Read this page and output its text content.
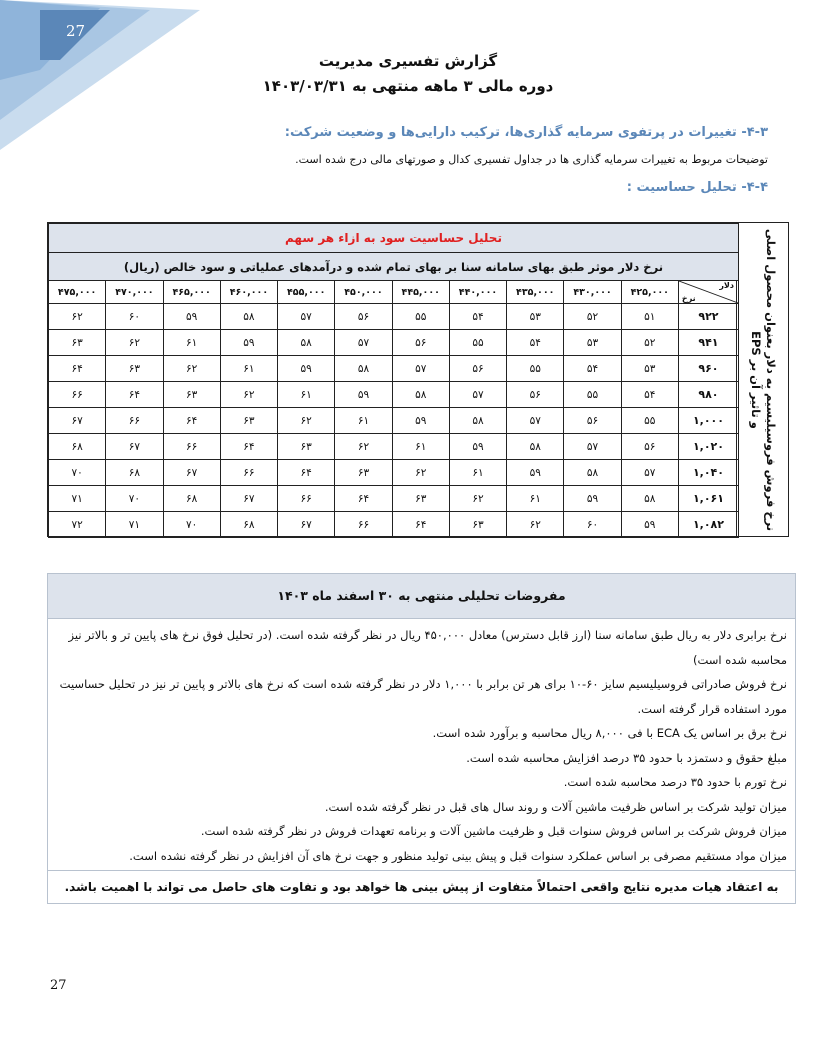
27
گزارش تفسیری مدیریت
دوره مالی ۳ ماهه منتهی به ۱۴۰۳/۰۳/۳۱
۴-۳- تغییرات در پرتفوی سرمایه گذاری‌ها، ترکیب دارایی‌ها و وضعیت شرکت:
توضیحات مربوط به تغییرات سرمایه گذاری ها در جداول تفسیری کدال و صورتهای مالی درج شده است.
۴-۴- تحلیل حساسیت :
نرخ فروش فروسیلیسیم به دلار بعنوان محصول اصلی و تاثیر آن بر EPS
تحلیل حساسیت سود به ازاء هر سهم											
نرخ دلار موثر طبق بهای سامانه سنا بر بهای تمام شده و درآمدهای عملیاتی و سود خالص (ریال)											
۴۷۵,۰۰۰	۴۷۰,۰۰۰	۴۶۵,۰۰۰	۴۶۰,۰۰۰	۴۵۵,۰۰۰	۴۵۰,۰۰۰	۴۴۵,۰۰۰	۴۴۰,۰۰۰	۴۳۵,۰۰۰	۴۳۰,۰۰۰	۴۲۵,۰۰۰	دلار
نرخ

۶۲	۶۰	۵۹	۵۸	۵۷	۵۶	۵۵	۵۴	۵۳	۵۲	۵۱	۹۲۲
۶۳	۶۲	۶۱	۵۹	۵۸	۵۷	۵۶	۵۵	۵۴	۵۳	۵۲	۹۴۱
۶۴	۶۳	۶۲	۶۱	۵۹	۵۸	۵۷	۵۶	۵۵	۵۴	۵۳	۹۶۰
۶۶	۶۴	۶۳	۶۲	۶۱	۵۹	۵۸	۵۷	۵۶	۵۵	۵۴	۹۸۰
۶۷	۶۶	۶۴	۶۳	۶۲	۶۱	۵۹	۵۸	۵۷	۵۶	۵۵	۱,۰۰۰
۶۸	۶۷	۶۶	۶۴	۶۳	۶۲	۶۱	۵۹	۵۸	۵۷	۵۶	۱,۰۲۰
۷۰	۶۸	۶۷	۶۶	۶۴	۶۳	۶۲	۶۱	۵۹	۵۸	۵۷	۱,۰۴۰
۷۱	۷۰	۶۸	۶۷	۶۶	۶۴	۶۳	۶۲	۶۱	۵۹	۵۸	۱,۰۶۱
۷۲	۷۱	۷۰	۶۸	۶۷	۶۶	۶۴	۶۳	۶۲	۶۰	۵۹	۱,۰۸۲
مفروضات تحلیلی منتهی به ۳۰ اسفند ماه ۱۴۰۳
نرخ برابری دلار به ریال طبق سامانه سنا (ارز قابل دسترس) معادل ۴۵۰,۰۰۰ ریال در نظر گرفته شده است. (در تحلیل فوق نرخ های پایین تر و بالاتر نیز محاسبه شده است)
نرخ فروش صادراتی فروسیلیسیم سایز ۶۰-۱۰ برای هر تن برابر با ۱,۰۰۰ دلار در نظر گرفته شده است که نرخ های بالاتر و پایین تر نیز در تحلیل حساسیت مورد استفاده قرار گرفته است.
نرخ برق بر اساس یک ECA با فی ۸,۰۰۰ ریال محاسبه و برآورد شده است.
مبلغ حقوق و دستمزد با حدود ۳۵ درصد افزایش محاسبه شده است.
نرخ تورم با حدود ۳۵ درصد محاسبه شده است.
میزان تولید شرکت بر اساس ظرفیت ماشین آلات و روند سال های قبل در نظر گرفته شده است.
میزان فروش شرکت بر اساس فروش سنوات قبل و ظرفیت ماشین آلات و برنامه تعهدات فروش در نظر گرفته شده است.
میزان مواد مستقیم مصرفی بر اساس عملکرد سنوات قبل و پیش بینی تولید منظور و جهت نرخ های آن افزایش در نظر گرفته نشده است.
به اعتقاد هیات مدیره نتایج واقعی احتمالاً متفاوت از پیش بینی ها خواهد بود و تفاوت های حاصل می تواند با اهمیت باشد.
27
